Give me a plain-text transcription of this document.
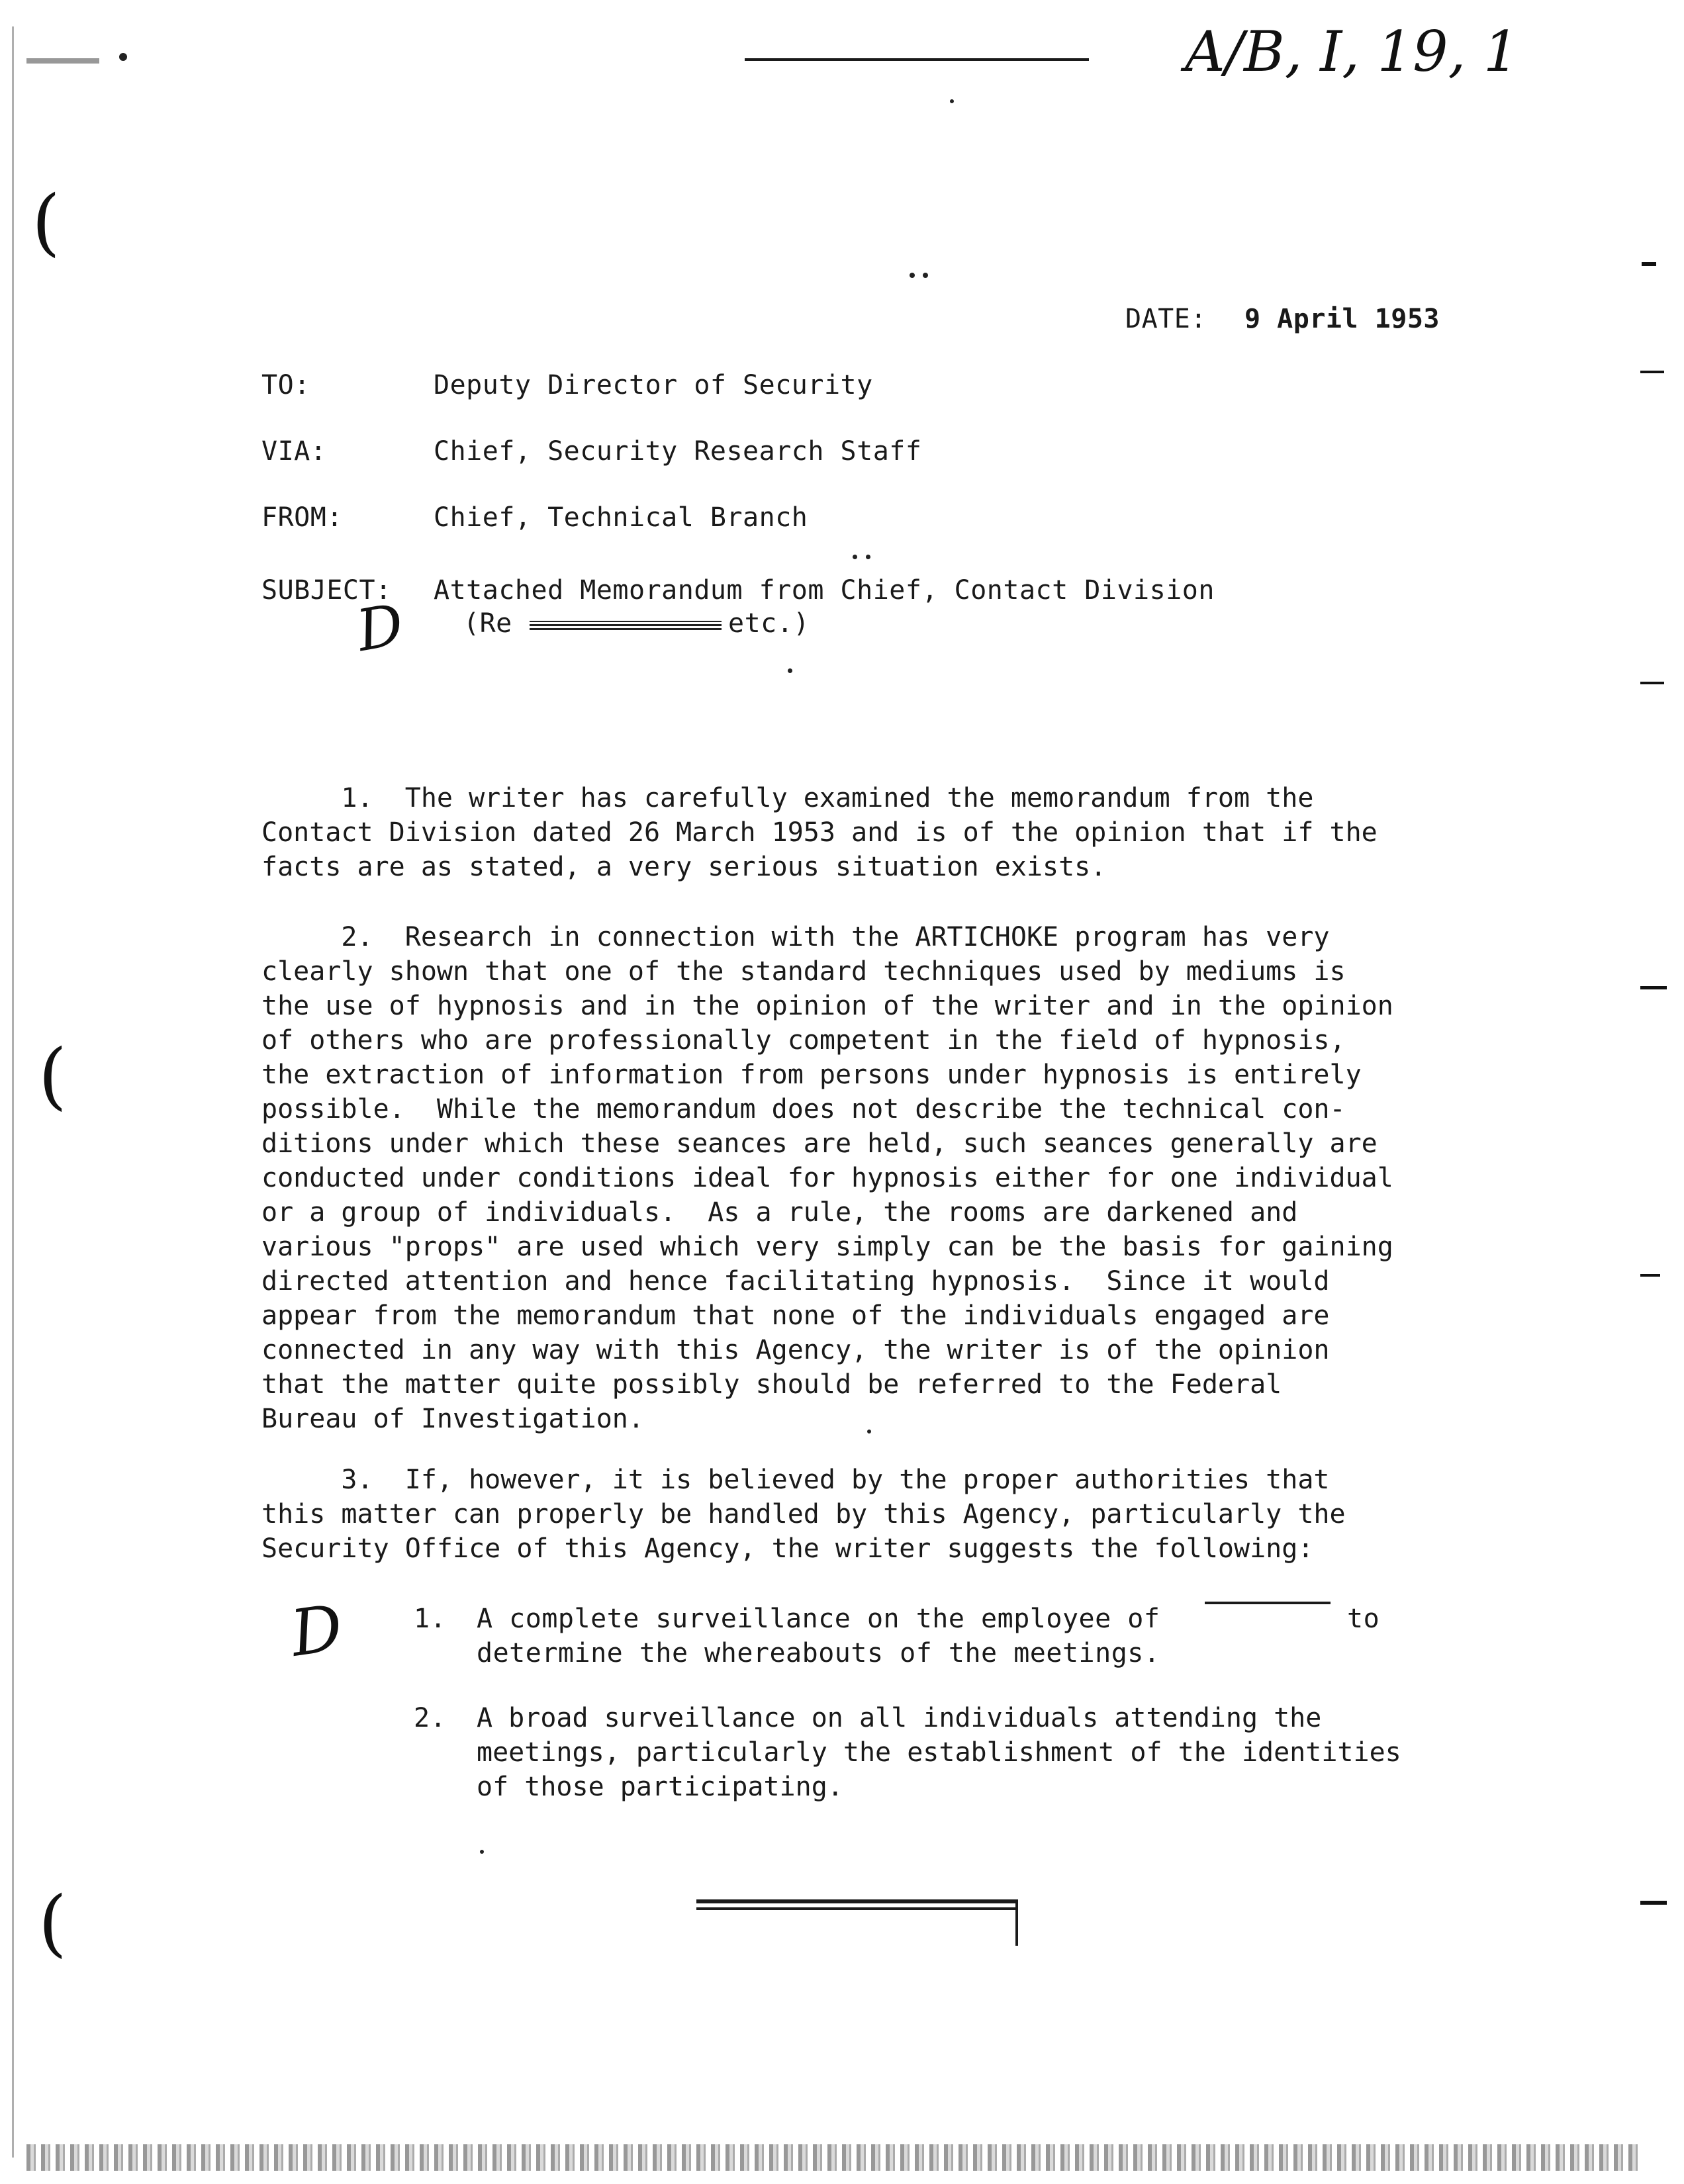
(
(
(
A/B, I, 19, 1
DATE: 9 April 1953
TO:	Deputy Director of Security
VIA:	Chief, Security Research Staff
FROM:	Chief, Technical Branch
SUBJECT: Attached Memorandum from Chief, Contact Division
(Re	etc.)
D
D
1.  The writer has carefully examined the memorandum from the
Contact Division dated 26 March 1953 and is of the opinion that if the
facts are as stated, a very serious situation exists.
2.  Research in connection with the ARTICHOKE program has very
clearly shown that one of the standard techniques used by mediums is
the use of hypnosis and in the opinion of the writer and in the opinion
of others who are professionally competent in the field of hypnosis,
the extraction of information from persons under hypnosis is entirely
possible.  While the memorandum does not describe the technical con-
ditions under which these seances are held, such seances generally are
conducted under conditions ideal for hypnosis either for one individual
or a group of individuals.  As a rule, the rooms are darkened and
various "props" are used which very simply can be the basis for gaining
directed attention and hence facilitating hypnosis.  Since it would
appear from the memorandum that none of the individuals engaged are
connected in any way with this Agency, the writer is of the opinion
that the matter quite possibly should be referred to the Federal
Bureau of Investigation.
3.  If, however, it is believed by the proper authorities that
this matter can properly be handled by this Agency, particularly the
Security Office of this Agency, the writer suggests the following:
1. A complete surveillance on the employee of	to
determine the whereabouts of the meetings.
2. A broad surveillance on all individuals attending the
meetings, particularly the establishment of the identities
of those participating.
